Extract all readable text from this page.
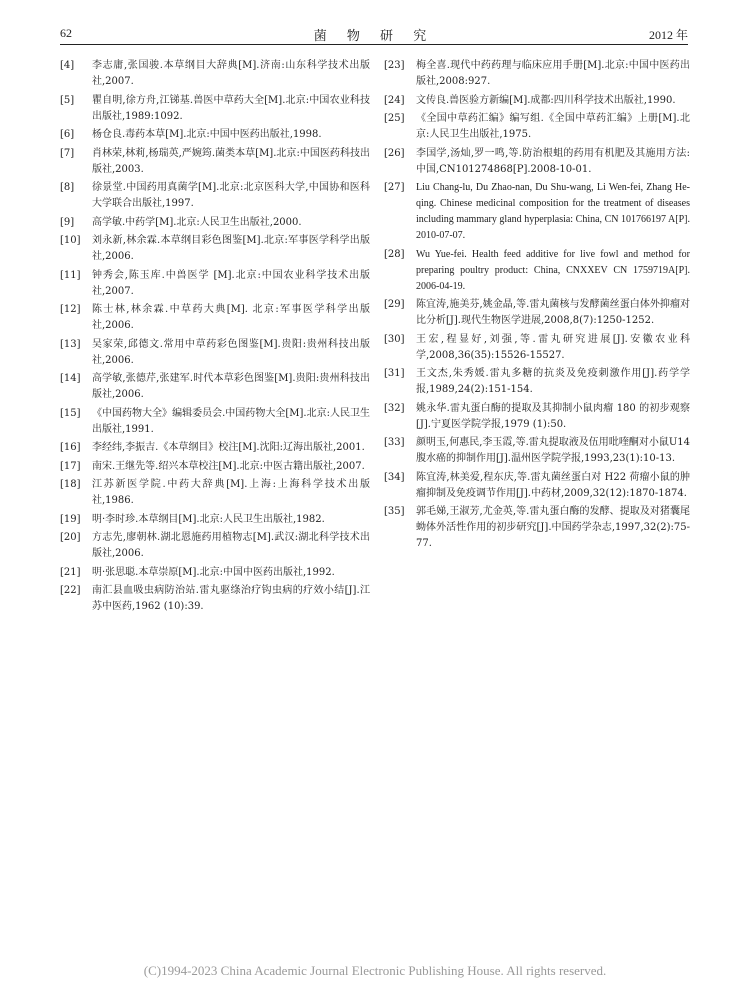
62	菌 物 研 究	2012 年
[4]	李志庸,张国骏.本草纲目大辞典[M].济南:山东科学技术出版社,2007.
[5]	瞿自明,徐方舟,江锑基.兽医中草药大全[M].北京:中国农业科技出版社,1989:1092.
[6]	杨仓良.毒药本草[M].北京:中国中医药出版社,1998.
[7]	肖林荣,林莉,杨瑞英,严婉筠.菌类本草[M].北京:中国医药科技出版社,2003.
[8]	徐景堂.中国药用真菌学[M].北京:北京医科大学,中国协和医科大学联合出版社,1997.
[9]	高学敏.中药学[M].北京:人民卫生出版社,2000.
[10]	刘永新,林余霖.本草纲目彩色图鉴[M].北京:军事医学科学出版社,2006.
[11]	钟秀会,陈玉库.中兽医学 [M].北京:中国农业科学技术出版社,2007.
[12]	陈士林,林余霖.中草药大典[M]. 北京:军事医学科学出版社,2006.
[13]	吴家荣,邱德文.常用中草药彩色图鉴[M].贵阳:贵州科技出版社,2006.
[14]	高学敏,张德芹,张建军.时代本草彩色图鉴[M].贵阳:贵州科技出版社,2006.
[15]	《中国药物大全》编辑委员会.中国药物大全[M].北京:人民卫生出版社,1991.
[16]	李经纬,李振吉.《本草纲目》校注[M].沈阳:辽海出版社,2001.
[17]	南宋.王继先等.绍兴本草校注[M].北京:中医古籍出版社,2007.
[18]	江苏新医学院.中药大辞典[M].上海:上海科学技术出版社,1986.
[19]	明·李时珍.本草纲目[M].北京:人民卫生出版社,1982.
[20]	方志先,廖朝林.湖北恩施药用植物志[M].武汉:湖北科学技术出版社,2006.
[21]	明·张思聪.本草崇原[M].北京:中国中医药出版社,1992.
[22]	南汇县血吸虫病防治站.雷丸驱绦治疗钩虫病的疗效小结[J].江苏中医药,1962 (10):39.
[23]	梅全喜.现代中药药理与临床应用手册[M].北京:中国中医药出版社,2008:927.
[24]	文传良.兽医验方新编[M].成都:四川科学技术出版社,1990.
[25]	《全国中草药汇编》编写组.《全国中草药汇编》上册[M].北京:人民卫生出版社,1975.
[26]	李国学,汤灿,罗一鸣,等.防治根蛆的药用有机肥及其施用方法:中国,CN101274868[P].2008-10-01.
[27]	Liu Chang-lu, Du Zhao-nan, Du Shu-wang, Li Wen-fei, Zhang He-qing. Chinese medicinal composition for the treatment of diseases including mammary gland hyperplasia: China, CN 101766197 A[P]. 2010-07-07.
[28]	Wu Yue-fei. Health feed additive for live fowl and method for preparing poultry product: China, CNXXEV CN 1759719A[P]. 2006-04-19.
[29]	陈宜涛,施美芬,姚金晶,等.雷丸菌核与发酵菌丝蛋白体外抑瘤对比分析[J].现代生物医学进展,2008,8(7):1250-1252.
[30]	王宏,程显好,刘强,等.雷丸研究进展[J].安徽农业科学,2008,36(35):15526-15527.
[31]	王文杰,朱秀媛.雷丸多糖的抗炎及免疫刺激作用[J].药学学报,1989,24(2):151-154.
[32]	姚永华.雷丸蛋白酶的提取及其抑制小鼠肉瘤 180 的初步观察[J].宁夏医学院学报,1979 (1):50.
[33]	颜明玉,何惠民,李玉霞,等.雷丸提取液及伍用吡喹酮对小鼠U14腹水癌的抑制作用[J].温州医学院学报,1993,23(1):10-13.
[34]	陈宜涛,林美爱,程东庆,等.雷丸菌丝蛋白对 H22 荷瘤小鼠的肿瘤抑制及免疫调节作用[J].中药材,2009,32(12):1870-1874.
[35]	郭毛娣,王淑芳,尤金英,等.雷丸蛋白酶的发酵、提取及对猪囊尾蚴体外活性作用的初步研究[J].中国药学杂志,1997,32(2):75-77.
(C)1994-2023 China Academic Journal Electronic Publishing House. All rights reserved.
